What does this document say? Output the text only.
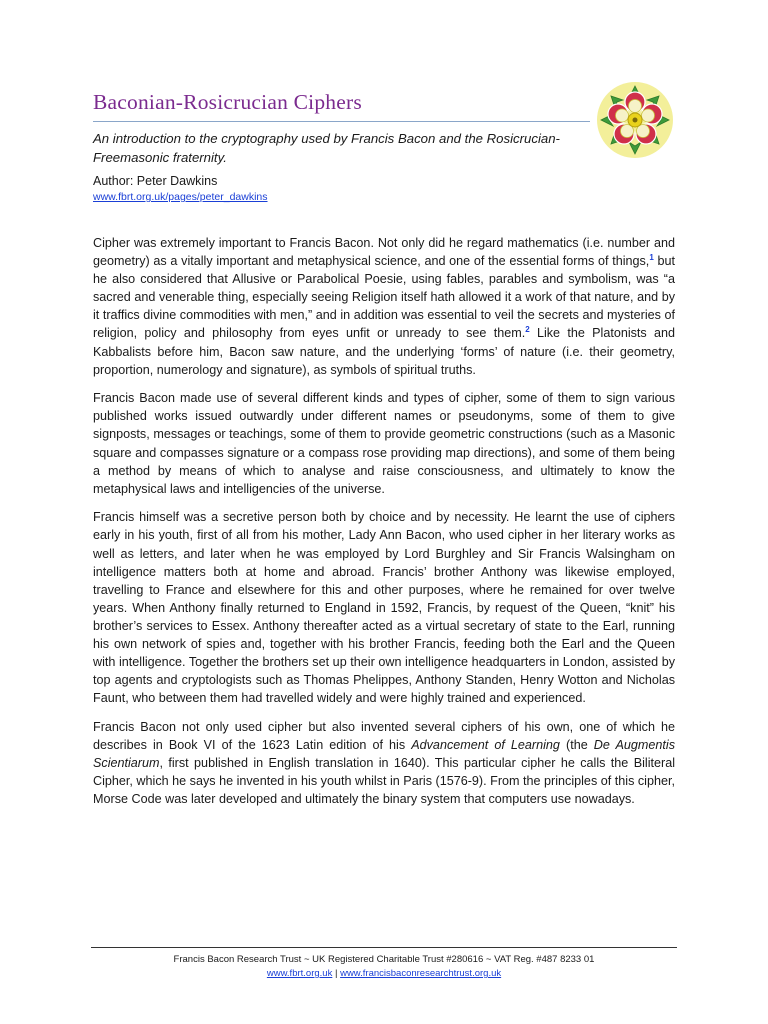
Baconian-Rosicrucian Ciphers

An introduction to the cryptography used by Francis Bacon and the Rosicrucian-Freemasonic fraternity.

Author: Peter Dawkins

www.fbrt.org.uk/pages/peter_dawkins

Cipher was extremely important to Francis Bacon. Not only did he regard mathematics (i.e. number and geometry) as a vitally important and metaphysical science, and one of the essential forms of things,$^1$ but he also considered that Allusive or Parabolical Poesie, using fables, parables and symbolism, was “a sacred and venerable thing, especially seeing Religion itself hath allowed it a work of that nature, and by it traffics divine commodities with men,” and in addition was essential to veil the secrets and mysteries of religion, policy and philosophy from eyes unfit or unready to see them.$^2$ Like the Platonists and Kabbalists before him, Bacon saw nature, and the underlying ‘forms’ of nature (i.e. their geometry, proportion, numerology and signature), as symbols of spiritual truths.

Francis Bacon made use of several different kinds and types of cipher, some of them to sign various published works issued outwardly under different names or pseudonyms, some of them to give signposts, messages or teachings, some of them to provide geometric constructions (such as a Masonic square and compasses signature or a compass rose providing map directions), and some of them being a method by means of which to analyse and raise consciousness, and ultimately to know the metaphysical laws and intelligencies of the universe.

Francis himself was a secretive person both by choice and by necessity. He learnt the use of ciphers early in his youth, first of all from his mother, Lady Ann Bacon, who used cipher in her literary works as well as letters, and later when he was employed by Lord Burghley and Sir Francis Walsingham on intelligence matters both at home and abroad. Francis’ brother Anthony was likewise employed, travelling to France and elsewhere for this and other purposes, where he remained for over twelve years. When Anthony finally returned to England in 1592, Francis, by request of the Queen, “knit” his brother’s services to Essex. Anthony thereafter acted as a virtual secretary of state to the Earl, running his own network of spies and, together with his brother Francis, feeding both the Earl and the Queen with intelligence. Together the brothers set up their own intelligence headquarters in London, assisted by top agents and cryptologists such as Thomas Phelippes, Anthony Standen, Henry Wotton and Nicholas Faunt, who between them had travelled widely and were highly trained and experienced.

Francis Bacon not only used cipher but also invented several ciphers of his own, one of which he describes in Book VI of the 1623 Latin edition of his Advancement of Learning (the De Augmentis Scientiarum, first published in English translation in 1640). This particular cipher he calls the Biliteral Cipher, which he says he invented in his youth whilst in Paris (1576-9). From the principles of this cipher, Morse Code was later developed and ultimately the binary system that computers use nowadays.

Francis Bacon Research Trust ~ UK Registered Charitable Trust #280616 ~ VAT Reg. #487 8233 01

www.fbrt.org.uk | www.francisbaconresearchtrust.org.uk
